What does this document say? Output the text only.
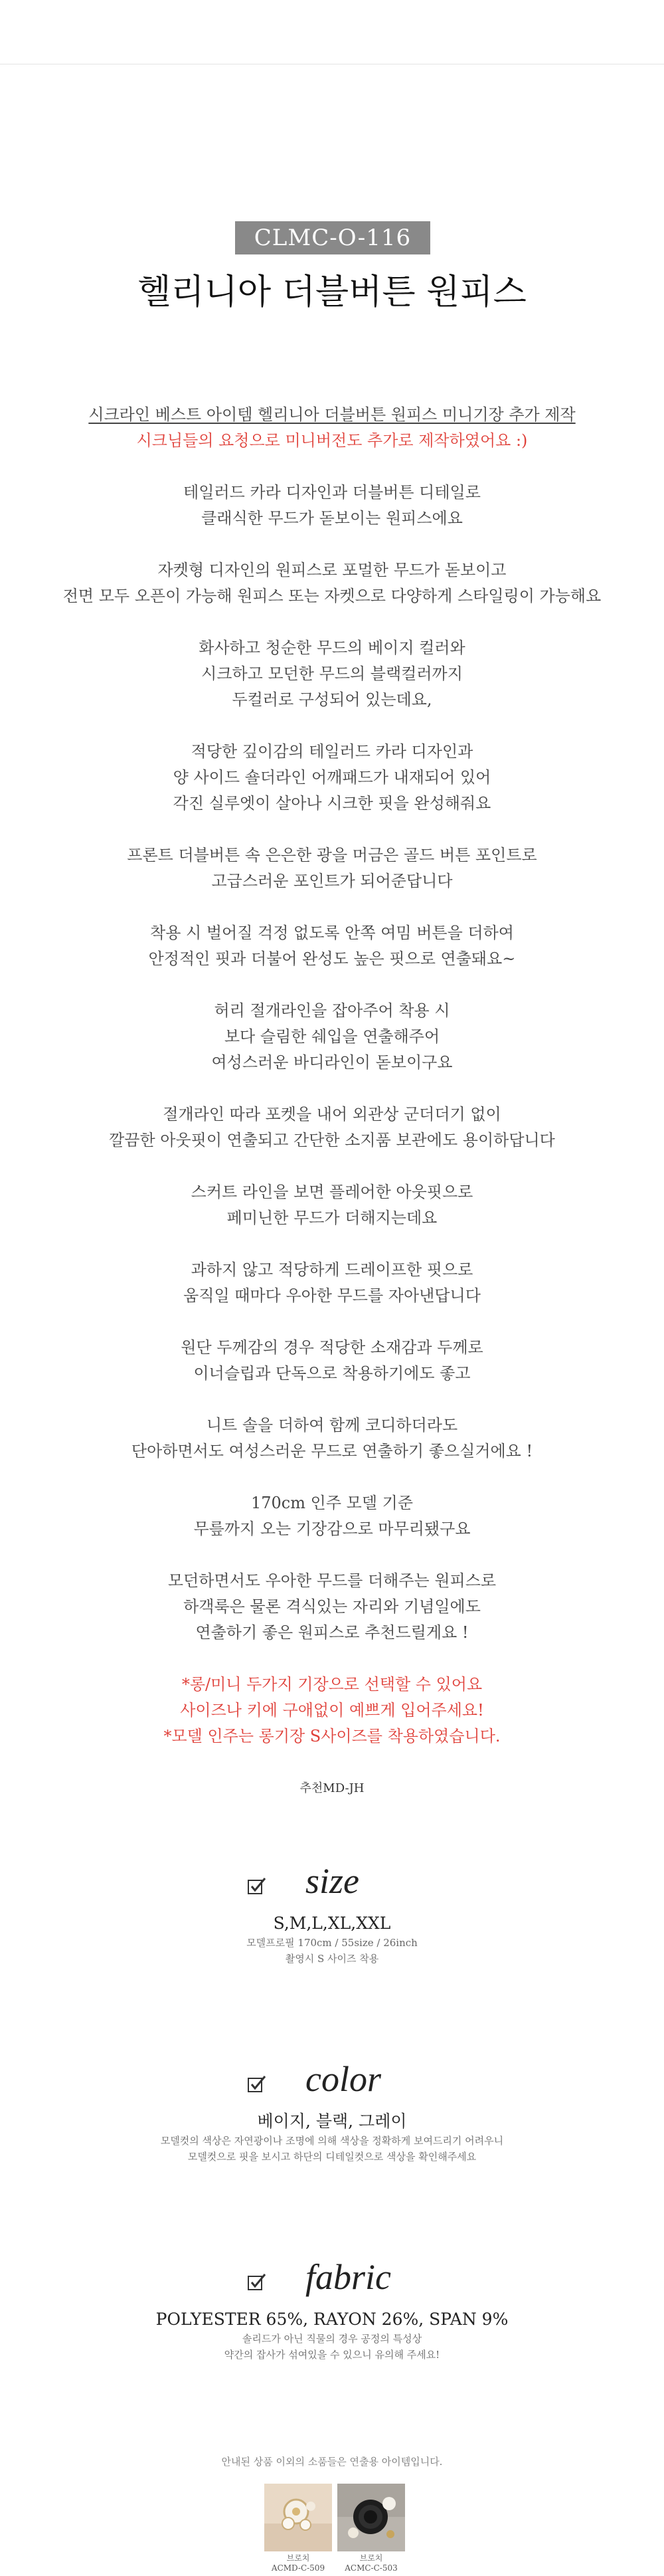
CLMC-O-116
헬리니아 더블버튼 원피스

시크라인 베스트 아이템 헬리니아 더블버튼 원피스 미니기장 추가 제작
시크님들의 요청으로 미니버전도 추가로 제작하였어요 :)

테일러드 카라 디자인과 더블버튼 디테일로
클래식한 무드가 돋보이는 원피스에요

자켓형 디자인의 원피스로 포멀한 무드가 돋보이고
전면 모두 오픈이 가능해 원피스 또는 자켓으로 다양하게 스타일링이 가능해요

화사하고 청순한 무드의 베이지 컬러와
시크하고 모던한 무드의 블랙컬러까지
두컬러로 구성되어 있는데요,

적당한 깊이감의 테일러드 카라 디자인과
양 사이드 숄더라인 어깨패드가 내재되어 있어
각진 실루엣이 살아나 시크한 핏을 완성해줘요

프론트 더블버튼 속 은은한 광을 머금은 골드 버튼 포인트로
고급스러운 포인트가 되어준답니다

착용 시 벌어질 걱정 없도록 안쪽 여밈 버튼을 더하여
안정적인 핏과 더불어 완성도 높은 핏으로 연출돼요~

허리 절개라인을 잡아주어 착용 시
보다 슬림한 쉐입을 연출해주어
여성스러운 바디라인이 돋보이구요

절개라인 따라 포켓을 내어 외관상 군더더기 없이
깔끔한 아웃핏이 연출되고 간단한 소지품 보관에도 용이하답니다

스커트 라인을 보면 플레어한 아웃핏으로
페미닌한 무드가 더해지는데요

과하지 않고 적당하게 드레이프한 핏으로
움직일 때마다 우아한 무드를 자아낸답니다

원단 두께감의 경우 적당한 소재감과 두께로
이너슬립과 단독으로 착용하기에도 좋고

니트 솔을 더하여 함께 코디하더라도
단아하면서도 여성스러운 무드로 연출하기 좋으실거에요 !

170cm 인주 모델 기준
무릎까지 오는 기장감으로 마무리됐구요

모던하면서도 우아한 무드를 더해주는 원피스로
하객룩은 물론 격식있는 자리와 기념일에도
연출하기 좋은 원피스로 추천드릴게요 !

*롱/미니 두가지 기장으로 선택할 수 있어요
사이즈나 키에 구애없이 예쁘게 입어주세요!
*모델 인주는 롱기장 S사이즈를 착용하였습니다.

추천MD-JH

size
S,M,L,XL,XXL
모델프로필 170cm / 55size / 26inch
촬영시 S 사이즈 착용
color
베이지, 블랙, 그레이
모델컷의 색상은 자연광이나 조명에 의해 색상을 정확하게 보여드리기 어려우니
모델컷으로 핏을 보시고 하단의 디테일컷으로 색상을 확인해주세요
fabric
POLYESTER 65%, RAYON 26%, SPAN 9%
솔리드가 아닌 직물의 경우 공정의 특성상
약간의 잡사가 섞여있을 수 있으니 유의해 주세요!
안내된 상품 이외의 소품들은 연출용 아이템입니다.
브로치
ACMD-C-509
브로치
ACMC-C-503
